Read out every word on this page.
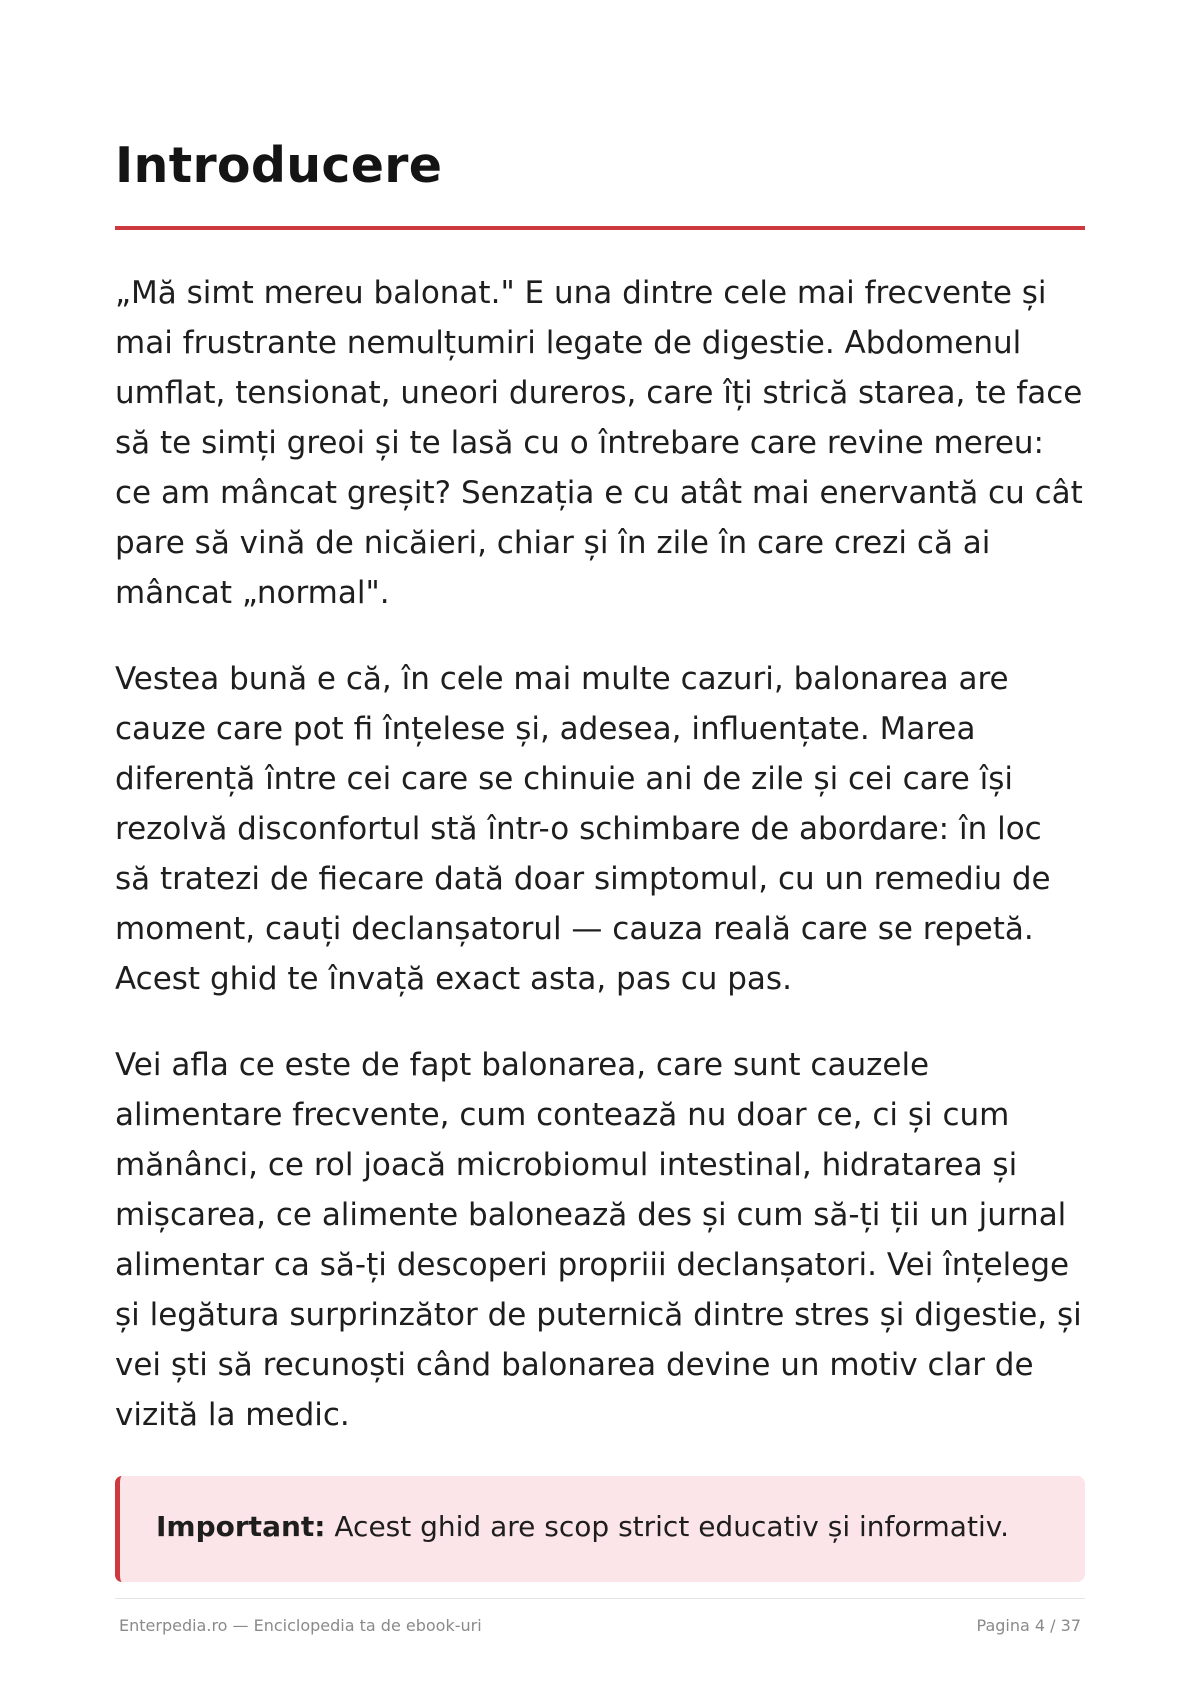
Introducere

„Mă simt mereu balonat." E una dintre cele mai frecvente și mai frustrante nemulțumiri legate de digestie. Abdomenul umflat, tensionat, uneori dureros, care îți strică starea, te face să te simți greoi și te lasă cu o întrebare care revine mereu: ce am mâncat greșit? Senzația e cu atât mai enervantă cu cât pare să vină de nicăieri, chiar și în zile în care crezi că ai mâncat „normal".

Vestea bună e că, în cele mai multe cazuri, balonarea are cauze care pot fi înțelese și, adesea, influențate. Marea diferență între cei care se chinuie ani de zile și cei care își rezolvă disconfortul stă într-o schimbare de abordare: în loc să tratezi de fiecare dată doar simptomul, cu un remediu de moment, cauți declanșatorul — cauza reală care se repetă. Acest ghid te învață exact asta, pas cu pas.

Vei afla ce este de fapt balonarea, care sunt cauzele alimentare frecvente, cum contează nu doar ce, ci și cum mănânci, ce rol joacă microbiomul intestinal, hidratarea și mișcarea, ce alimente balonează des și cum să-ți ții un jurnal alimentar ca să-ți descoperi propriii declanșatori. Vei înțelege și legătura surprinzător de puternică dintre stres și digestie, și vei ști să recunoști când balonarea devine un motiv clar de vizită la medic.

Important: Acest ghid are scop strict educativ și informativ.

Enterpedia.ro — Enciclopedia ta de ebook-uri	Pagina 4 / 37
